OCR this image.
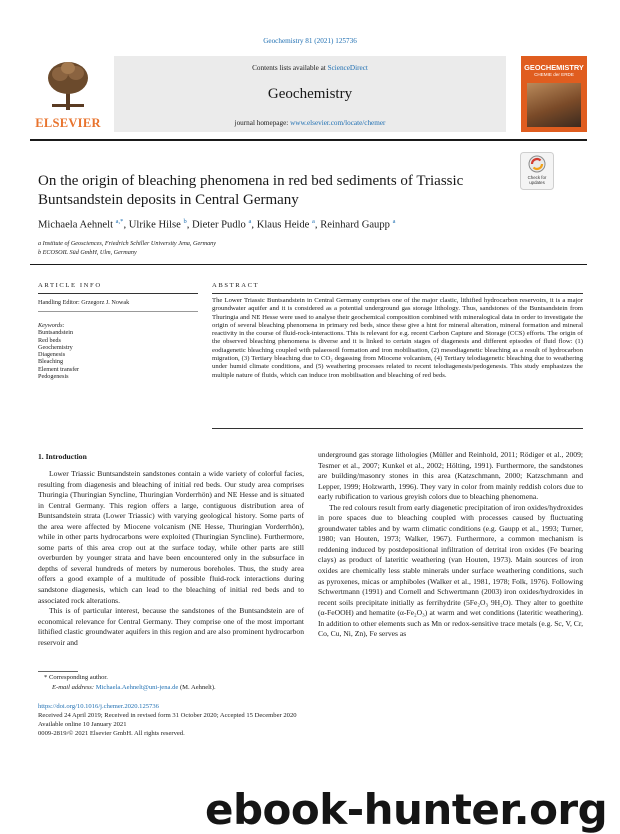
Geochemistry 81 (2021) 125736
ELSEVIER
Contents lists available at ScienceDirect
Geochemistry
journal homepage: www.elsevier.com/locate/chemer
GEOCHEMISTRY
CHEMIE der ERDE
On the origin of bleaching phenomena in red bed sediments of Triassic Buntsandstein deposits in Central Germany
Check for
updates
Michaela Aehnelt $^{a,*}$, Ulrike Hilse $^b$, Dieter Pudlo $^a$, Klaus Heide $^a$, Reinhard Gaupp $^a$
a Institute of Geosciences, Friedrich Schiller University Jena, Germany
b ECOSOIL Süd GmbH, Ulm, Germany
ARTICLE INFO
Handling Editor: Grzegorz J. Nowak
Keywords:
Buntsandstein
Red beds
Geochemistry
Diagenesis
Bleaching
Element transfer
Pedogenesis
ABSTRACT
The Lower Triassic Buntsandstein in Central Germany comprises one of the major clastic, lithified hydrocarbon reservoirs, it is a major groundwater aquifer and it is considered as a potential underground gas storage lithology. Thus, sandstones of the Buntsandstein from Thuringia and NE Hesse were used to analyse their geochemical composition combined with mineralogical data in order to investigate the origin of several bleaching phenomena in primary red beds, since these give a hint for mineral alteration, mineral formation and mineral reactivity in the course of fluid-rock-interactions. This is relevant for e.g. recent Carbon Capture and Storage (CCS) efforts. The origin of the observed bleaching phenomena is diverse and it is linked to certain stages of diagenesis and different episodes of fluid flow: (1) eodiagenetic bleaching coupled with palaeosoil formation and iron mobilisation, (2) mesodiagenetic bleaching as a result of hydrocarbon migration, (3) Tertiary bleaching due to CO₂ degassing from Miocene volcanism, (4) Tertiary telodiagenetic bleaching due to weathering under humid climate conditions, and (5) weathering processes related to recent telodiagenesis/pedogenesis. This study emphasizes the multiple nature of fluids, which can induce iron mobilisation and bleaching of red beds.
1. Introduction

Lower Triassic Buntsandstein sandstones contain a wide variety of colorful facies, resulting from diagenesis and bleaching of initial red beds. Our study area comprises Thuringia (Thuringian Syncline, Thuringian Vorderrhön) and NE Hesse and is situated in Central Germany. This region offers a large, contiguous distribution area of Buntsandstein strata (Lower Triassic) with varying geological history. Some parts of the area were affected by Miocene volcanism (NE Hesse, Thuringian Vorderrhön), while in other parts hydrocarbons were exploited (Thuringian Syncline). Furthermore, some parts of this area crop out at the surface today, while other parts are still overburden by younger strata and have been encountered only in the subsurface in depths of several hundreds of meters by numerous boreholes. Thus, the study area offers a good example of a multitude of possible fluid-rock interactions during sandstone diagenesis, which can lead to the bleaching of initial red beds and to associated rock alterations.

This is of particular interest, because the sandstones of the Buntsandstein are of economical relevance for Central Germany. They comprise one of the most important lithified clastic groundwater aquifers in this region and are also prominent hydrocarbon reservoir and

underground gas storage lithologies (Müller and Reinhold, 2011; Rödiger et al., 2009; Tesmer et al., 2007; Kunkel et al., 2002; Hölting, 1991). Furthermore, the sandstones are building/masonry stones in this area (Katzschmann, 2000; Katzschmann and Lepper, 1999; Holzwarth, 1996). They vary in color from mainly reddish colors due to early rubification to various greyish colors due to bleaching phenomena.

The red colours result from early diagenetic precipitation of iron oxides/hydroxides in pore spaces due to bleaching coupled with processes caused by fluctuating groundwater tables and by warm climatic conditions (e.g. Gaupp et al., 1993; Turner, 1980; van Houten, 1973; Walker, 1967). Furthermore, a common mechanism is reddening induced by postdepositional infiltration of detrital iron oxides (Fe bearing clays) as product of lateritic weathering (van Houten, 1973). Main sources of iron oxides are chemically less stable minerals under surface weathering conditions, such as pyroxenes, micas or amphiboles (Walker et al., 1981, 1978; Folk, 1976). Following Schwertmann (1991) and Cornell and Schwertmann (2003) iron oxides/hydroxides in recent soils precipitate initially as ferrihydrite (5Fe₂O₃ 9H₂O). They alter to goethite (α-FeOOH) and hematite (α-Fe₂O₃) at warm and wet conditions (lateritic weathering). In addition to other elements such as Mn or redox-sensitive trace metals (e.g. Sc, V, Cr, Co, Cu, Ni, Zn), Fe serves as

* Corresponding author.
E-mail address: Michaela.Aehnelt@uni-jena.de (M. Aehnelt).
https://doi.org/10.1016/j.chemer.2020.125736
Received 24 April 2019; Received in revised form 31 October 2020; Accepted 15 December 2020
Available online 10 January 2021
0009-2819/© 2021 Elsevier GmbH. All rights reserved.
ebook-hunter.org
